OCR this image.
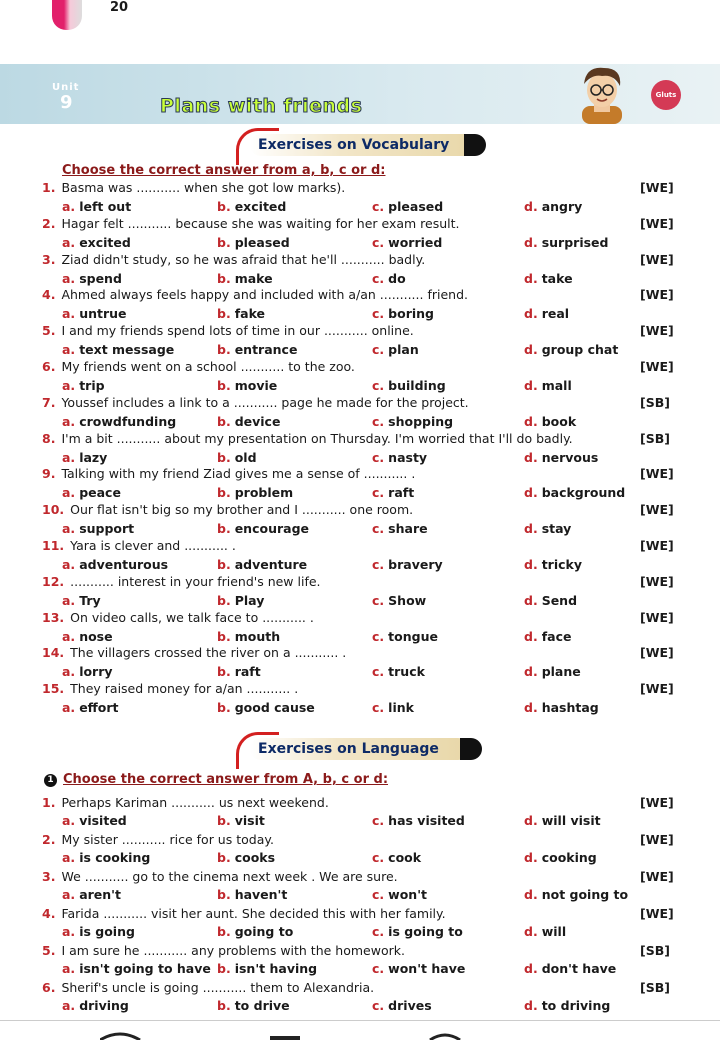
20
Unit
9	Plans with friends	Gluts
Exercises on Vocabulary
Choose the correct answer from a, b, c or d:
1. Basma was ........... when she got low marks).	[WE]
a. left out	b. excited	c. pleased	d. angry
2. Hagar felt ........... because she was waiting for her exam result.	[WE]
a. excited	b. pleased	c. worried	d. surprised
3. Ziad didn't study, so he was afraid that he'll ........... badly.	[WE]
a. spend	b. make	c. do	d. take
4. Ahmed always feels happy and included with a/an ........... friend.	[WE]
a. untrue	b. fake	c. boring	d. real
5. I and my friends spend lots of time in our ........... online.	[WE]
a. text message	b. entrance	c. plan	d. group chat
6. My friends went on a school ........... to the zoo.	[WE]
a. trip	b. movie	c. building	d. mall
7. Youssef includes a link to a ........... page he made for the project.	[SB]
a. crowdfunding	b. device	c. shopping	d. book
8. I'm a bit ........... about my presentation on Thursday. I'm worried that I'll do badly.	[SB]
a. lazy	b. old	c. nasty	d. nervous
9. Talking with my friend Ziad gives me a sense of ........... .	[WE]
a. peace	b. problem	c. raft	d. background
10. Our flat isn't big so my brother and I ........... one room.	[WE]
a. support	b. encourage	c. share	d. stay
11. Yara is clever and ........... .	[WE]
a. adventurous	b. adventure	c. bravery	d. tricky
12. ........... interest in your friend's new life.	[WE]
a. Try	b. Play	c. Show	d. Send
13. On video calls, we talk face to ........... .	[WE]
a. nose	b. mouth	c. tongue	d. face
14. The villagers crossed the river on a ........... .	[WE]
a. lorry	b. raft	c. truck	d. plane
15. They raised money for a/an ........... .	[WE]
a. effort	b. good cause	c. link	d. hashtag
Exercises on Language
1 Choose the correct answer from A, b, c or d:
1. Perhaps Kariman ........... us next weekend.	[WE]
a. visited	b. visit	c. has visited	d. will visit
2. My sister ........... rice for us today.	[WE]
a. is cooking	b. cooks	c. cook	d. cooking
3. We ........... go to the cinema next week . We are sure.	[WE]
a. aren't	b. haven't	c. won't	d. not going to
4. Farida ........... visit her aunt. She decided this with her family.	[WE]
a. is going	b. going to	c. is going to	d. will
5. I am sure he ........... any problems with the homework.	[SB]
a. isn't going to have b. isn't having	c. won't have	d. don't have
6. Sherif's uncle is going ........... them to Alexandria.	[SB]
a. driving	b. to drive	c. drives	d. to driving
